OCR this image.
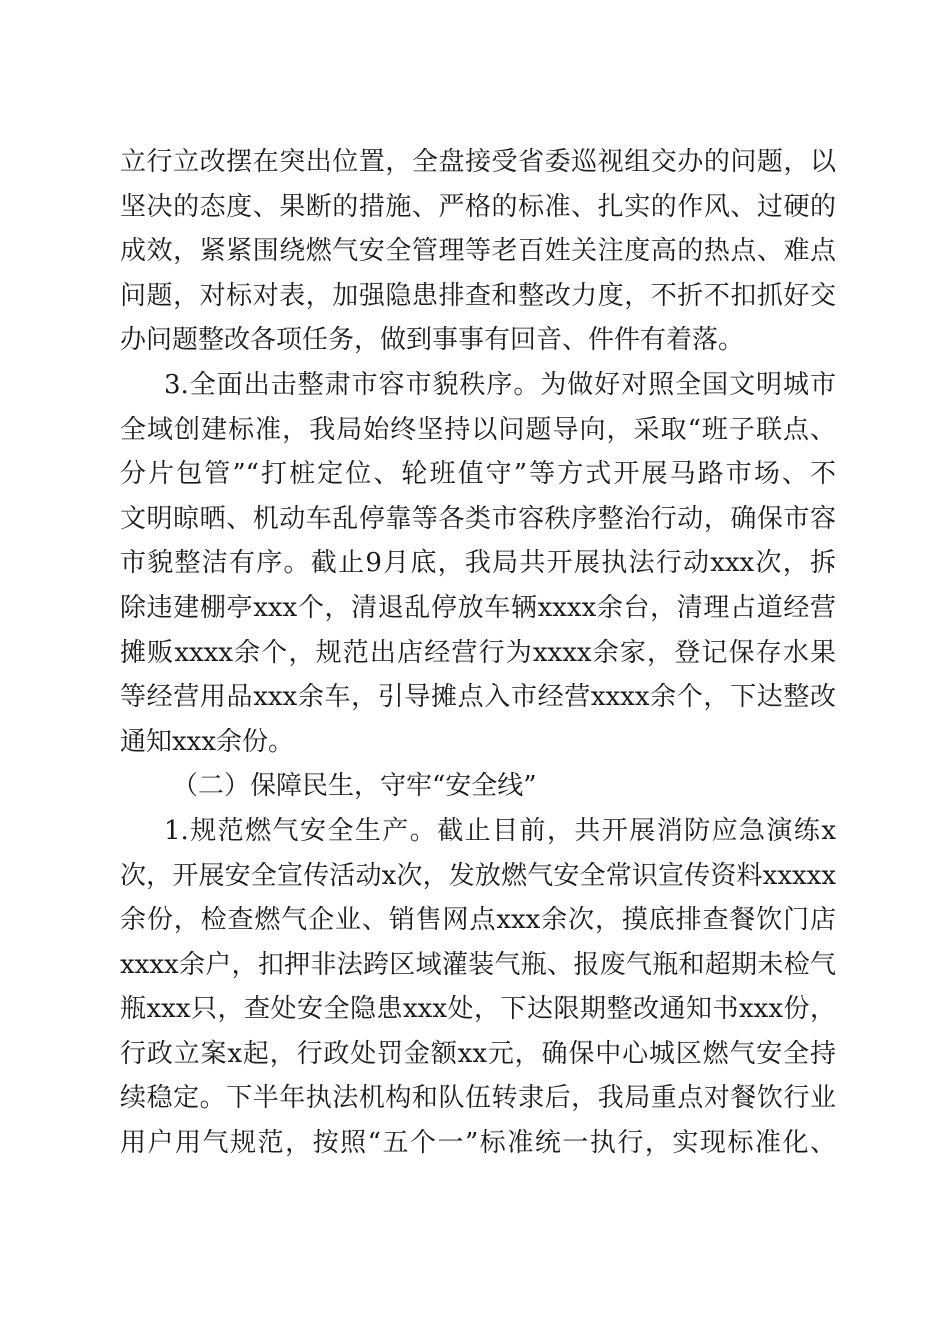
立行立改摆在突出位置，全盘接受省委巡视组交办的问题，以
坚决的态度、果断的措施、严格的标准、扎实的作风、过硬的
成效，紧紧围绕燃气安全管理等老百姓关注度高的热点、难点
问题，对标对表，加强隐患排查和整改力度，不折不扣抓好交
办问题整改各项任务，做到事事有回音、件件有着落。
3.全面出击整肃市容市貌秩序。为做好对照全国文明城市
全域创建标准，我局始终坚持以问题导向，采取“班子联点、
分片包管”“打桩定位、轮班值守”等方式开展马路市场、不
文明晾晒、机动车乱停靠等各类市容秩序整治行动，确保市容
市貌整洁有序。截止9月底，我局共开展执法行动xxx次，拆
除违建棚亭xxx个，清退乱停放车辆xxxx余台，清理占道经营
摊贩xxxx余个，规范出店经营行为xxxx余家，登记保存水果
等经营用品xxx余车，引导摊点入市经营xxxx余个，下达整改
通知xxx余份。
（二）保障民生，守牢“安全线”
1.规范燃气安全生产。截止目前，共开展消防应急演练x
次，开展安全宣传活动x次，发放燃气安全常识宣传资料xxxxx
余份，检查燃气企业、销售网点xxx余次，摸底排查餐饮门店
xxxx余户，扣押非法跨区域灌装气瓶、报废气瓶和超期未检气
瓶xxx只，查处安全隐患xxx处，下达限期整改通知书xxx份，
行政立案x起，行政处罚金额xx元，确保中心城区燃气安全持
续稳定。下半年执法机构和队伍转隶后，我局重点对餐饮行业
用户用气规范，按照“五个一”标准统一执行，实现标准化、
